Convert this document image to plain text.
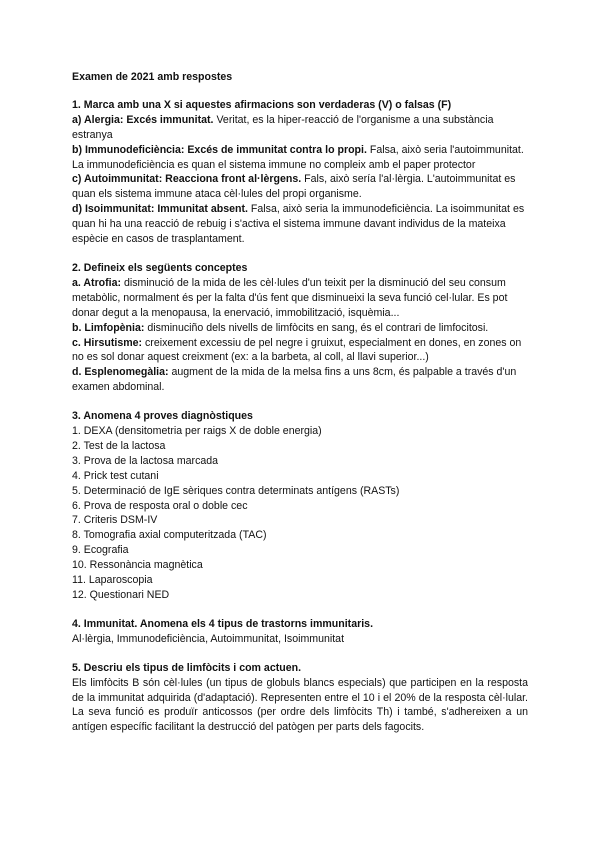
Examen de 2021 amb respostes
1. Marca amb una X si aquestes afirmacions son verdaderas (V) o falsas (F)
a) Alergia: Excés immunitat. Veritat, es la hiper-reacció de l'organisme a una substància estranya
b) Immunodeficiència: Excés de immunitat contra lo propi. Falsa, això seria l'autoimmunitat. La immunodeficiència es quan el sistema immune no compleix amb el paper protector
c) Autoimmunitat: Reacciona front al·lèrgens. Fals, això sería l'al·lèrgia. L'autoimmunitat es quan els sistema immune ataca cèl·lules del propi organisme.
d) Isoimmunitat: Immunitat absent. Falsa, això seria la immunodeficiència. La isoimmunitat es quan hi ha una reacció de rebuig i s'activa el sistema immune davant individus de la mateixa espècie en casos de trasplantament.
2. Defineix els següents conceptes
a. Atrofia: disminució de la mida de les cèl·lules d'un teixit per la disminució del seu consum metabòlic, normalment és per la falta d'ús fent que disminueixi la seva funció cel·lular. Es pot donar degut a la menopausa, la enervació, immobilització, isquèmia...
b. Limfopènia: disminuciño dels nivells de limfòcits en sang, és el contrari de limfocitosi.
c. Hirsutisme: creixement excessiu de pel negre i gruixut, especialment en dones, en zones on no es sol donar aquest creixment (ex: a la barbeta, al coll, al llavi superior...)
d. Esplenomegàlia: augment de la mida de la melsa fins a uns 8cm, és palpable a través d'un examen abdominal.
3. Anomena 4 proves diagnòstiques
1. DEXA (densitometria per raigs X de doble energia)
2. Test de la lactosa
3. Prova de la lactosa marcada
4. Prick test cutani
5. Determinació de IgE sèriques contra determinats antígens (RASTs)
6. Prova de resposta oral o doble cec
7. Criteris DSM-IV
8. Tomografia axial computeritzada (TAC)
9. Ecografia
10. Ressonància magnètica
11. Laparoscopia
12. Questionari NED
4. Immunitat. Anomena els 4 tipus de trastorns immunitaris.
Al·lèrgia, Immunodeficiència, Autoimmunitat, Isoimmunitat
5. Descriu els tipus de limfòcits i com actuen.
Els limfòcits B són cèl·lules (un tipus de globuls blancs especials) que participen en la resposta de la immunitat adquirida (d'adaptació). Representen entre el 10 i el 20% de la resposta cèl·lular. La seva funció es produïr anticossos (per ordre dels limfòcits Th) i també, s'adhereixen a un antígen específic facilitant la destrucció del patògen per parts dels fagocits.
